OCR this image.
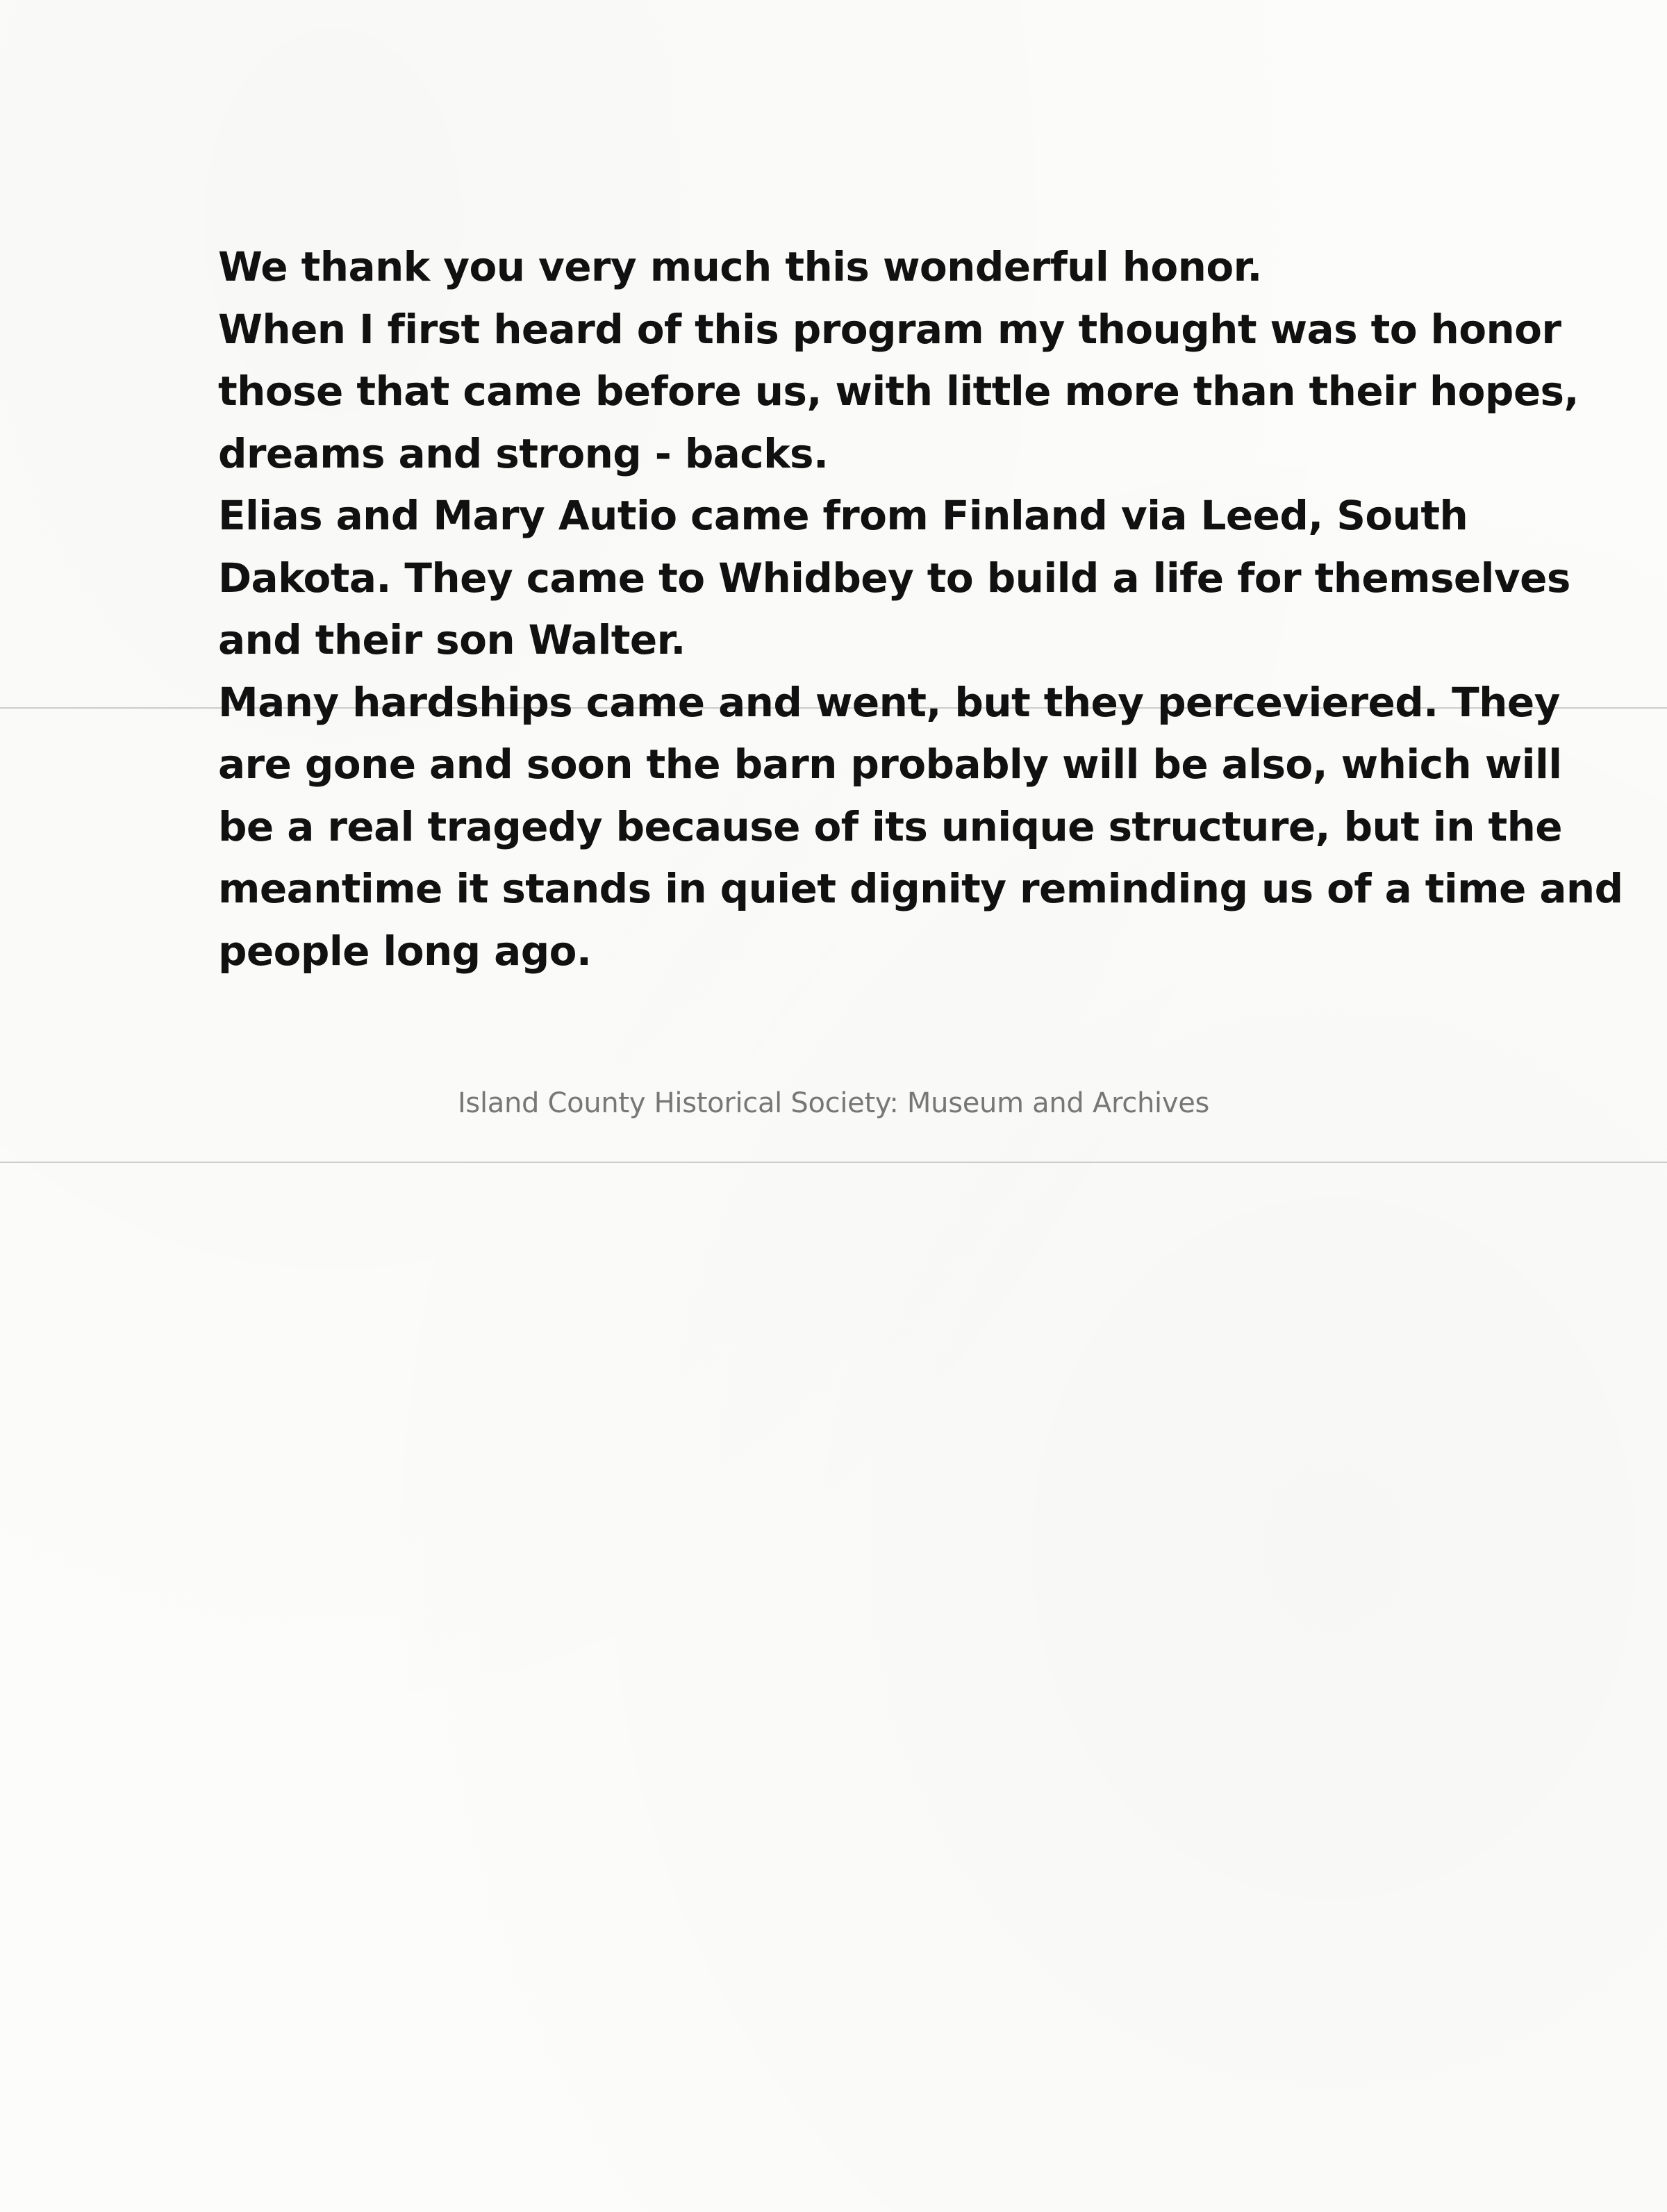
We thank you very much this wonderful honor.
When I first heard of this program my thought was to honor
those that came before us, with little more than their hopes,
dreams and strong - backs.
Elias and Mary Autio came from Finland via Leed, South
Dakota. They came to Whidbey to build a life for themselves
and their son Walter.
Many hardships came and went, but they perceviered. They
are gone and soon the barn probably will be also, which will
be a real tragedy because of its unique structure, but in the
meantime it stands in quiet dignity reminding us of a time and
people long ago.

Island County Historical Society: Museum and Archives
